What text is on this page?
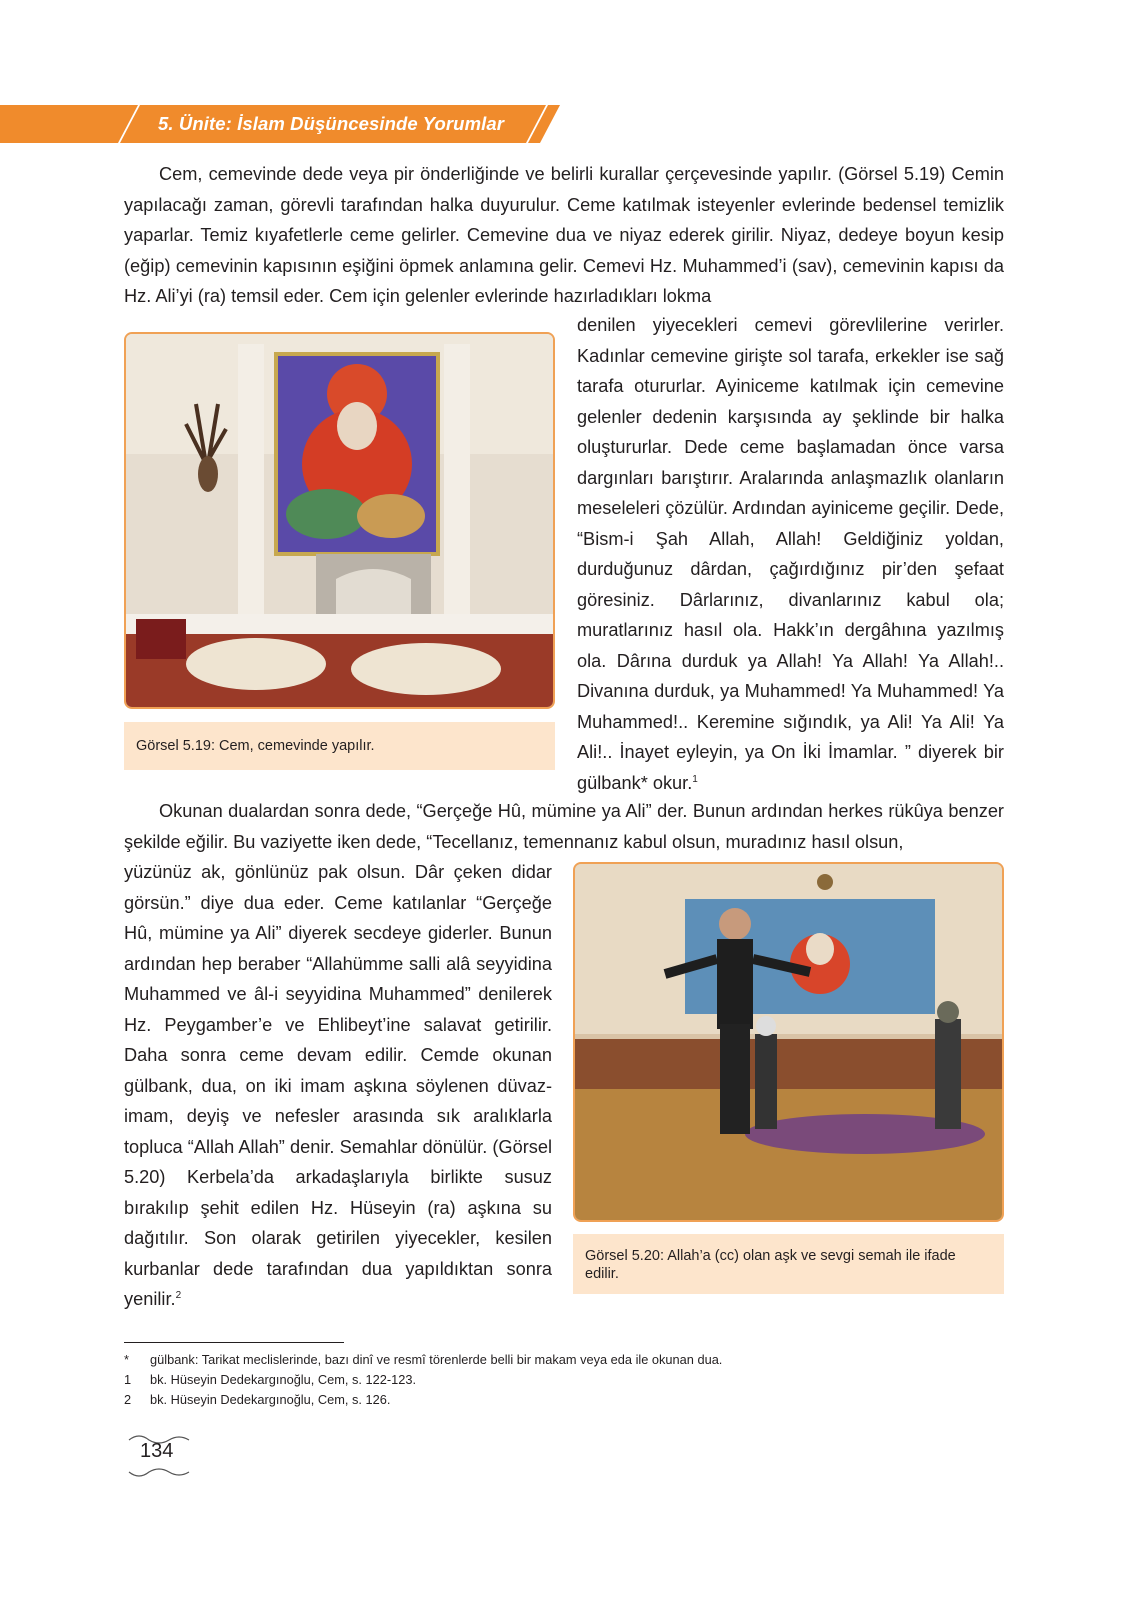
5. Ünite: İslam Düşüncesinde Yorumlar

Cem, cemevinde dede veya pir önderliğinde ve belirli kurallar çerçevesinde yapılır. (Görsel 5.19) Cemin yapılacağı zaman, görevli tarafından halka duyurulur. Ceme katılmak isteyenler evlerinde bedensel temizlik yaparlar. Temiz kıyafetlerle ceme gelirler. Cemevine dua ve niyaz ederek girilir. Niyaz, dedeye boyun kesip (eğip) cemevinin kapısının eşiğini öpmek anlamına gelir. Cemevi Hz. Muhammed’i (sav), cemevinin kapısı da Hz. Ali’yi (ra) temsil eder. Cem için gelenler evlerinde hazırladıkları lokma

Görsel 5.19: Cem, cemevinde yapılır.

denilen yiyecekleri cemevi görevlilerine verirler. Kadınlar cemevine girişte sol tarafa, erkekler ise sağ tarafa otururlar. Ayiniceme katılmak için cemevine gelenler dedenin karşısında ay şeklinde bir halka oluştururlar. Dede ceme başlamadan önce varsa dargınları barıştırır. Aralarında anlaşmazlık olanların meseleleri çözülür. Ardından ayiniceme geçilir. Dede, “Bism-i Şah Allah, Allah! Geldiğiniz yoldan, durduğunuz dârdan, çağırdığınız pir’den şefaat göresiniz. Dârlarınız, divanlarınız kabul ola; muratlarınız hasıl ola. Hakk’ın dergâhına yazılmış ola. Dârına durduk ya Allah! Ya Allah! Ya Allah!.. Divanına durduk, ya Muhammed! Ya Muhammed! Ya Muhammed!.. Keremine sığındık, ya Ali! Ya Ali! Ya Ali!.. İnayet eyleyin, ya On İki İmamlar. ” diyerek bir gülbank* okur.$^1$

Okunan dualardan sonra dede, “Gerçeğe Hû, mümine ya Ali” der. Bunun ardından herkes rükûya benzer şekilde eğilir. Bu vaziyette iken dede, “Tecellanız, temennanız kabul olsun, muradınız hasıl olsun,

yüzünüz ak, gönlünüz pak olsun. Dâr çeken didar görsün.” diye dua eder. Ceme katılanlar “Gerçeğe Hû, mümine ya Ali” diyerek secdeye giderler. Bunun ardından hep beraber “Allahümme salli alâ seyyidina Muhammed ve âl-i seyyidina Muhammed” denilerek Hz. Peygamber’e ve Ehlibeyt’ine salavat getirilir. Daha sonra ceme devam edilir. Cemde okunan gülbank, dua, on iki imam aşkına söylenen düvaz-imam, deyiş ve nefesler arasında sık aralıklarla topluca “Allah Allah” denir. Semahlar dönülür. (Görsel 5.20) Kerbela’da arkadaşlarıyla birlikte susuz bırakılıp şehit edilen Hz. Hüseyin (ra) aşkına su dağıtılır. Son olarak getirilen yiyecekler, kesilen kurbanlar dede tarafından dua yapıldıktan sonra yenilir.$^2$

Görsel 5.20: Allah’a (cc) olan aşk ve sevgi semah ile ifade edilir.
* gülbank: Tarikat meclislerinde, bazı dinî ve resmî törenlerde belli bir makam veya eda ile okunan dua.
1 bk. Hüseyin Dedekargınoğlu, Cem, s. 122-123.
2 bk. Hüseyin Dedekargınoğlu, Cem, s. 126.
134
